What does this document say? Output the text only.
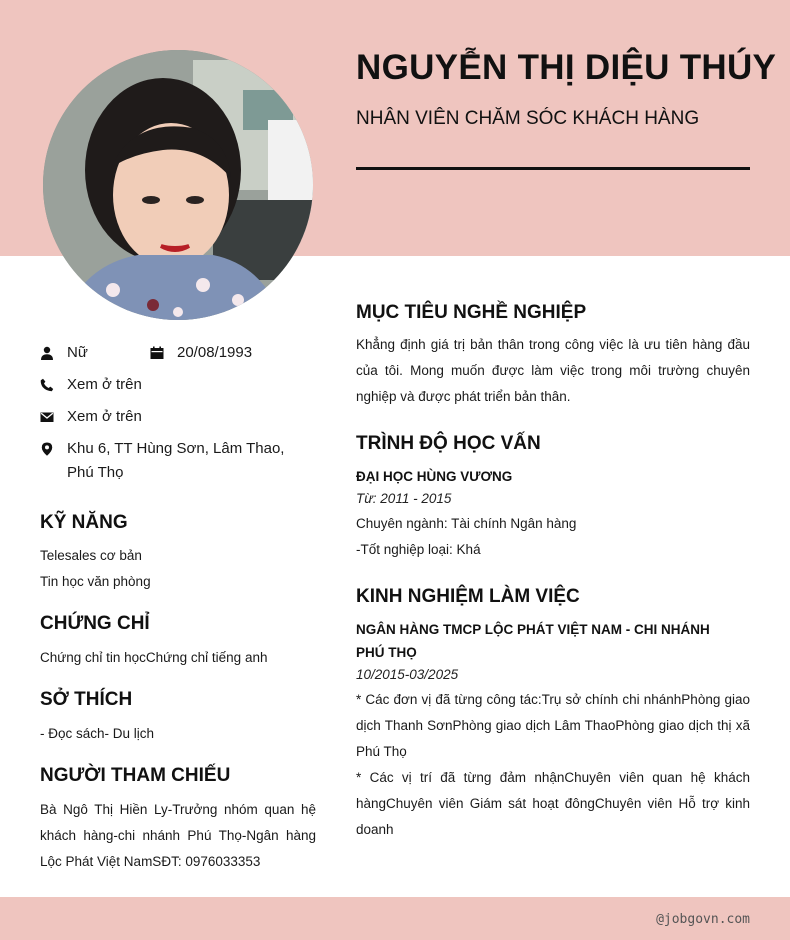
NGUYỄN THỊ DIỆU THÚY
NHÂN VIÊN CHĂM SÓC KHÁCH HÀNG
Nữ	20/08/1993
Xem ở trên
Xem ở trên
Khu 6, TT Hùng Sơn, Lâm Thao, Phú Thọ
KỸ NĂNG
Telesales cơ bản
Tin học văn phòng
CHỨNG CHỈ
Chứng chỉ tin họcChứng chỉ tiếng anh
SỞ THÍCH
- Đọc sách- Du lịch
NGƯỜI THAM CHIẾU
Bà Ngô Thị Hiền Ly-Trưởng nhóm quan hệ khách hàng-chi nhánh Phú Thọ-Ngân hàng Lộc Phát Việt NamSĐT: 0976033353
MỤC TIÊU NGHỀ NGHIỆP
Khẳng định giá trị bản thân trong công việc là ưu tiên hàng đầu của tôi. Mong muốn được làm việc trong môi trường chuyên nghiệp và được phát triển bản thân.
TRÌNH ĐỘ HỌC VẤN
ĐẠI HỌC HÙNG VƯƠNG
Từ: 2011 - 2015
Chuyên ngành: Tài chính Ngân hàng
-Tốt nghiệp loại: Khá
KINH NGHIỆM LÀM VIỆC
NGÂN HÀNG TMCP LỘC PHÁT VIỆT NAM - CHI NHÁNH PHÚ THỌ
10/2015-03/2025
* Các đơn vị đã từng công tác:Trụ sở chính chi nhánhPhòng giao dịch Thanh SơnPhòng giao dịch Lâm ThaoPhòng giao dịch thị xã Phú Thọ
* Các vị trí đã từng đảm nhậnChuyên viên quan hệ khách hàngChuyên viên Giám sát hoạt đôngChuyên viên Hỗ trợ kinh doanh
@jobgovn.com
